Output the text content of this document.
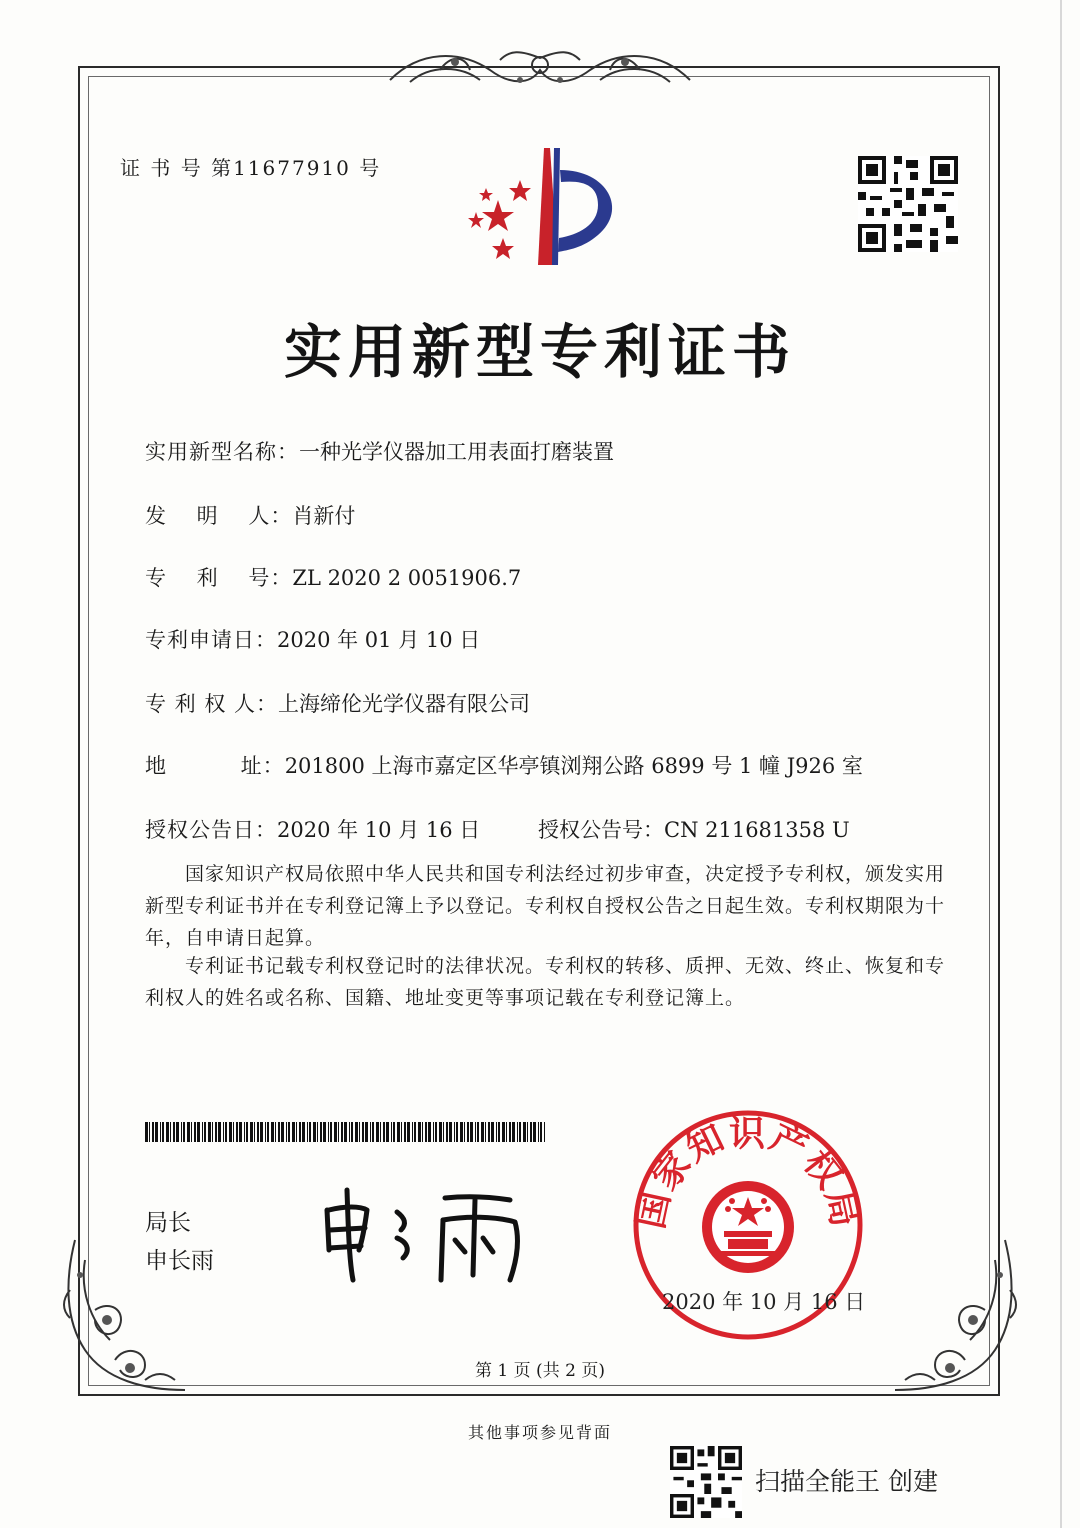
证 书 号 第11677910 号
实用新型专利证书
实用新型名称：一种光学仪器加工用表面打磨装置
发　 明　 人：肖新付
专　 利　 号：ZL 2020 2 0051906.7
专利申请日：2020 年 01 月 10 日
专 利 权 人：上海缔伦光学仪器有限公司
地　　　 址：201800 上海市嘉定区华亭镇浏翔公路 6899 号 1 幢 J926 室
授权公告日：2020 年 10 月 16 日	授权公告号：CN 211681358 U

国家知识产权局依照中华人民共和国专利法经过初步审查，决定授予专利权，颁发实用新型专利证书并在专利登记簿上予以登记。专利权自授权公告之日起生效。专利权期限为十年，自申请日起算。

专利证书记载专利权登记时的法律状况。专利权的转移、质押、无效、终止、恢复和专利权人的姓名或名称、国籍、地址变更等事项记载在专利登记簿上。

局长
申长雨
国家知识产权局
2020 年 10 月 16 日
第 1 页 (共 2 页)
其他事项参见背面
扫描全能王 创建
